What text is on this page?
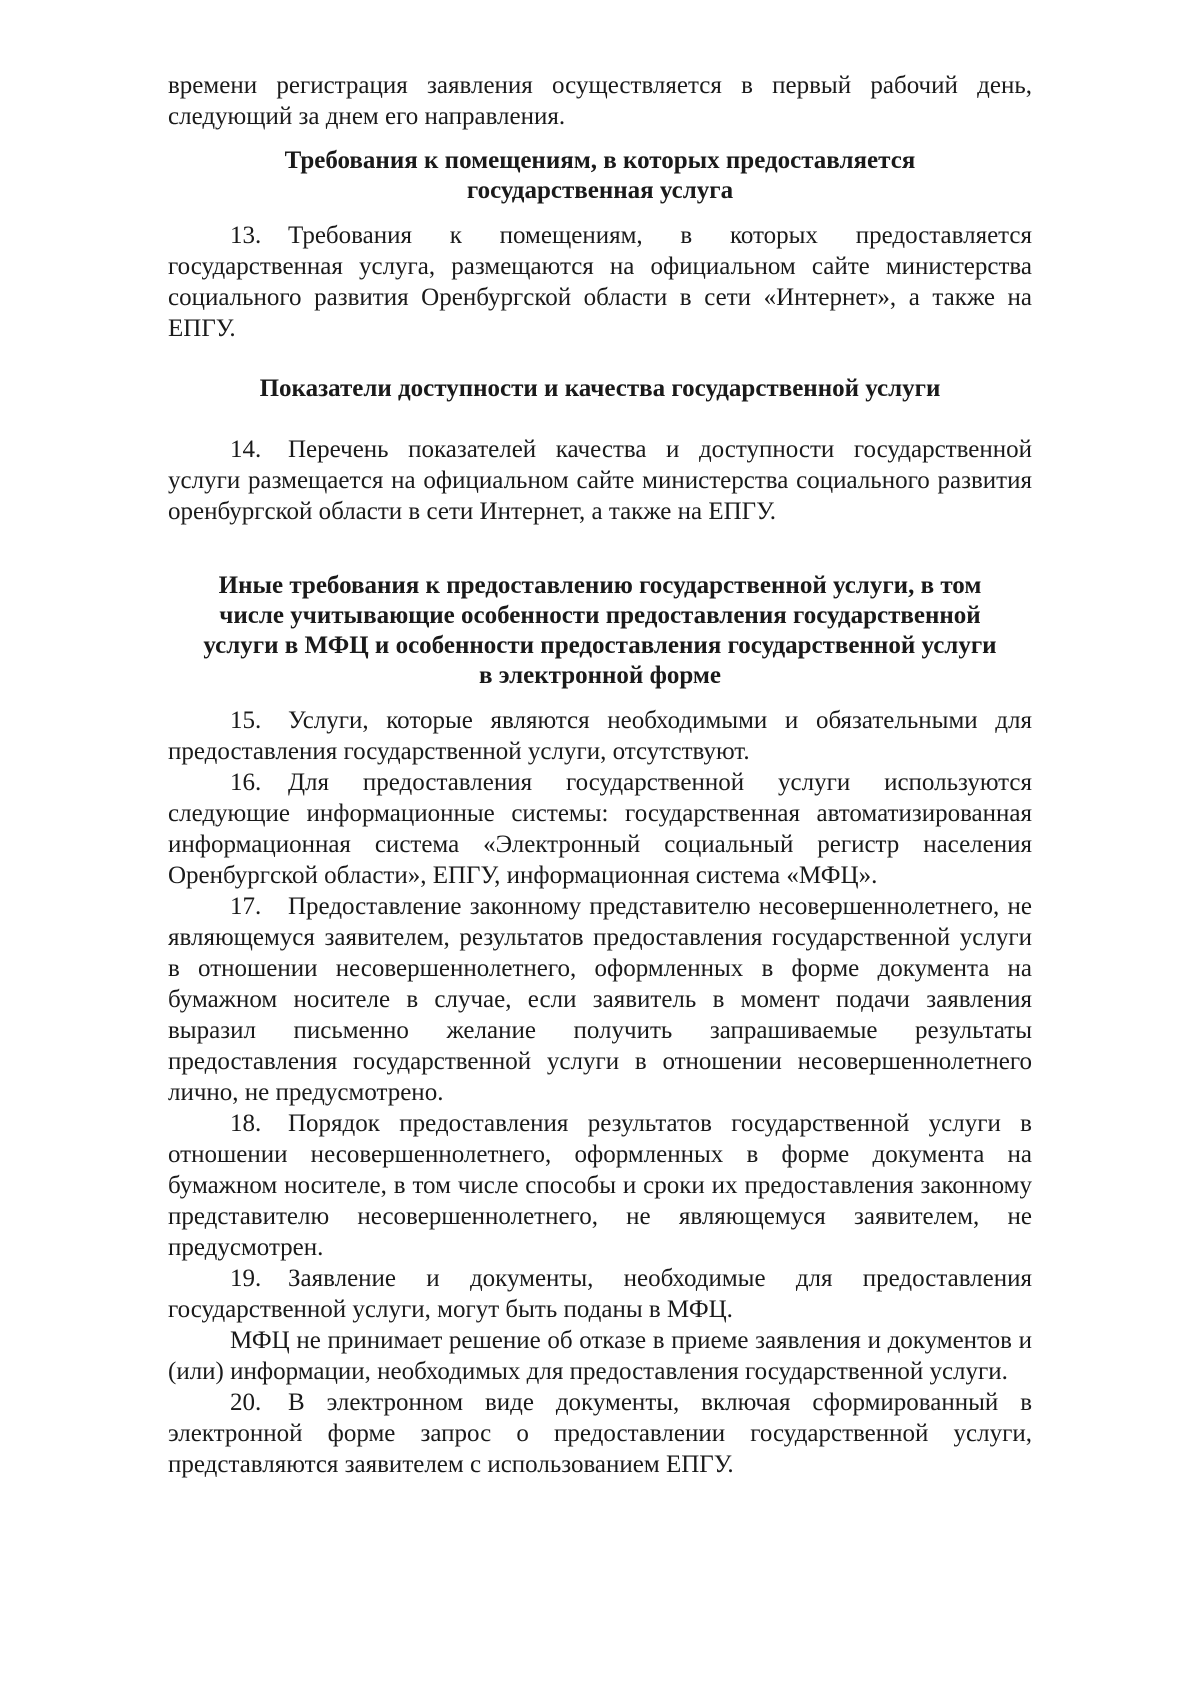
времени регистрация заявления осуществляется в первый рабочий день, следующий за днем его направления.

Требования к помещениям, в которых предоставляется государственная услуга

13. Требования к помещениям, в которых предоставляется государственная услуга, размещаются на официальном сайте министерства социального развития Оренбургской области в сети «Интернет», а также на ЕПГУ.

Показатели доступности и качества государственной услуги

14. Перечень показателей качества и доступности государственной услуги размещается на официальном сайте министерства социального развития оренбургской области в сети Интернет, а также на ЕПГУ.

Иные требования к предоставлению государственной услуги, в том числе учитывающие особенности предоставления государственной услуги в МФЦ и особенности предоставления государственной услуги в электронной форме

15. Услуги, которые являются необходимыми и обязательными для предоставления государственной услуги, отсутствуют.

16. Для предоставления государственной услуги используются следующие информационные системы: государственная автоматизированная информационная система «Электронный социальный регистр населения Оренбургской области», ЕПГУ, информационная система «МФЦ».

17. Предоставление законному представителю несовершеннолетнего, не являющемуся заявителем, результатов предоставления государственной услуги в отношении несовершеннолетнего, оформленных в форме документа на бумажном носителе в случае, если заявитель в момент подачи заявления выразил письменно желание получить запрашиваемые результаты предоставления государственной услуги в отношении несовершеннолетнего лично, не предусмотрено.

18. Порядок предоставления результатов государственной услуги в отношении несовершеннолетнего, оформленных в форме документа на бумажном носителе, в том числе способы и сроки их предоставления законному представителю несовершеннолетнего, не являющемуся заявителем, не предусмотрен.

19. Заявление и документы, необходимые для предоставления государственной услуги, могут быть поданы в МФЦ.

МФЦ не принимает решение об отказе в приеме заявления и документов и (или) информации, необходимых для предоставления государственной услуги.

20. В электронном виде документы, включая сформированный в электронной форме запрос о предоставлении государственной услуги, представляются заявителем с использованием ЕПГУ.
